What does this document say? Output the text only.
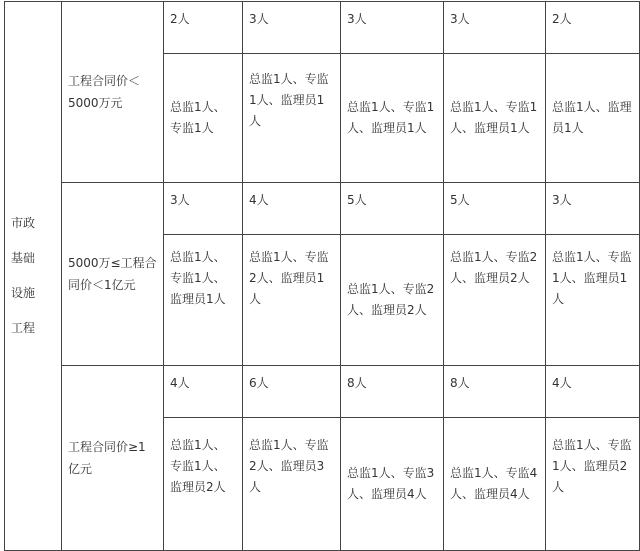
市政
基础
设施
工程	工程合同价＜5000万元	2人	3人	3人	3人	2人
		总监1人、专监1人	总监1人、专监1人、监理员1人	总监1人、专监1人、监理员1人	总监1人、专监1人、监理员1人	总监1人、监理员1人
	5000万≤工程合同价＜1亿元	3人	4人	5人	5人	3人
		总监1人、专监1人、监理员1人	总监1人、专监2人、监理员1人	总监1人、专监2人、监理员2人	总监1人、专监2人、监理员2人	总监1人、专监1人、监理员1人
	工程合同价≥1亿元	4人	6人	8人	8人	4人
		总监1人、专监1人、监理员2人	总监1人、专监2人、监理员3人	总监1人、专监3人、监理员4人	总监1人、专监4人、监理员4人	总监1人、专监1人、监理员2人
